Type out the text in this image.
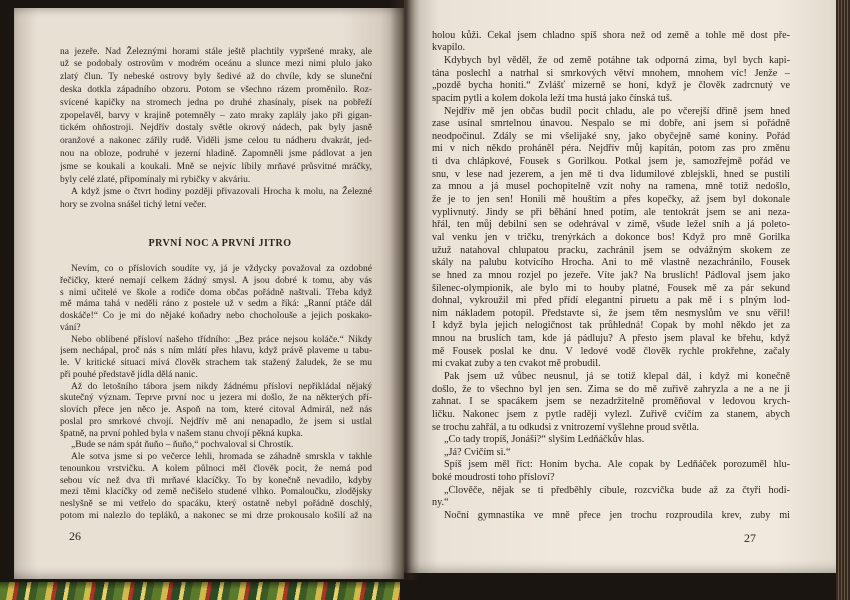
na jezeře. Nad Železnými horami stále ještě plachtily vypršené mraky, ale
už se podobaly ostrovům v modrém oceánu a slunce mezi nimi plulo jako
zlatý člun. Ty nebeské ostrovy byly šedivé až do chvíle, kdy se sluneční
deska dotkla západního obzoru. Potom se všechno rázem proměnilo. Roz-
svícené kapičky na stromech jedna po druhé zhasínaly, písek na pobřeží
zpopelavěl, barvy v krajině potemněly – zato mraky zaplály jako při gigan-
tickém ohňostroji. Nejdřív dostaly světle okrový nádech, pak byly jasně
oranžové a nakonec zářily rudě. Viděli jsme celou tu nádheru dvakrát, jed-
nou na obloze, podruhé v jezerní hladině. Zapomněli jsme pádlovat a jen
jsme se koukali a koukali. Mně se nejvíc líbily mrňavé průsvitné mráčky,
byly celé zlaté, připomínaly mi rybičky v akváriu.
A když jsme o čtvrt hodiny později přivazovali Hrocha k molu, na Železné
hory se zvolna snášel tichý letní večer.
PRVNÍ NOC A PRVNÍ JITRO
Nevím, co o příslovích soudíte vy, já je vždycky považoval za ozdobné
řečičky, které nemají celkem žádný smysl. A jsou dobré k tomu, aby vás
s nimi učitelé ve škole a rodiče doma občas pořádně naštvali. Třeba když
mě máma tahá v neděli ráno z postele už v sedm a říká: „Ranní ptáče dál
doskáče!“ Co je mi do nějaké koňadry nebo chocholouše a jejich poskako-
vání?
Nebo oblíbené přísloví našeho třídního: „Bez práce nejsou koláče.“ Nikdy
jsem nechápal, proč nás s ním mlátí přes hlavu, když právě plaveme u tabu-
le. V kritické situaci mívá člověk strachem tak stažený žaludek, že se mu
při pouhé představě jídla dělá nanic.
Až do letošního tábora jsem nikdy žádnému přísloví nepřikládal nějaký
skutečný význam. Teprve první noc u jezera mi došlo, že na některých pří-
slovích přece jen něco je. Aspoň na tom, které citoval Admirál, než nás
poslal pro smrkové chvojí. Nejdřív mě ani nenapadlo, že jsem si ustlal
špatně, na první pohled byla v našem stanu chvojí pěkná kupka.
„Bude se nám spát ňuňo – ňuňo,“ pochvaloval si Chrostík.
Ale sotva jsme si po večerce lehli, hromada se záhadně smrskla v takhle
tenounkou vrstvičku. A kolem půlnoci měl člověk pocit, že nemá pod
sebou víc než dva tři mrňavé klacíčky. To by konečně nevadilo, kdyby
mezi těmi klacíčky od země nečišelo studené vlhko. Pomaloučku, zlodějsky
neslyšně se mi vetřelo do spacáku, který ostatně nebyl pořádně doschlý,
potom mi nalezlo do tepláků, a nakonec se mi drze prokousalo košilí až na
26
holou kůži. Čekal jsem chladno spíš shora než od země a tohle mě dost pře-
kvapilo.
Kdybych byl věděl, že od země potáhne tak odporná zima, byl bych kapi-
tána poslechl a natrhal si smrkových větví mnohem, mnohem víc! Jenže –
„pozdě bycha honiti.“ Zvlášť mizerně se honí, když je člověk zadrcnutý ve
spacím pytli a kolem dokola leží tma hustá jako čínská tuš.
Nejdřív mě jen občas budil pocit chladu, ale po včerejší dřině jsem hned
zase usínal smrtelnou únavou. Nespalo se mi dobře, ani jsem si pořádně
neodpočinul. Zdály se mi všelijaké sny, jako obyčejně samé koniny. Pořád
mi v nich někdo proháněl péra. Nejdřív můj kapitán, potom zas pro změnu
ti dva chlápkové, Fousek s Gorilkou. Potkal jsem je, samozřejmě pořád ve
snu, v lese nad jezerem, a jen mě ti dva lidumilové zblejskli, hned se pustili
za mnou a já musel pochopitelně vzít nohy na ramena, mně totiž nedošlo,
že je to jen sen! Honili mě houštím a přes kopečky, až jsem byl dokonale
vyplivnutý. Jindy se při běhání hned potím, ale tentokrát jsem se ani neza-
hřál, ten můj debilní sen se odehrával v zimě, všude ležel sníh a já poleto-
val venku jen v tričku, trenýrkách a dokonce bos! Když pro mně Gorilka
užuž natahoval chlupatou pracku, zachránil jsem se odvážným skokem ze
skály na palubu kotvícího Hrocha. Ani to mě vlastně nezachránilo, Fousek
se hned za mnou rozjel po jezeře. Víte jak? Na bruslích! Pádloval jsem jako
šílenec-olympionik, ale bylo mi to houby platné, Fousek mě za pár sekund
dohnal, vykroužil mi před přídí elegantní piruetu a pak mě i s plným lod-
ním nákladem potopil. Představte si, že jsem těm nesmyslům ve snu věřil!
I když byla jejich nelogičnost tak průhledná! Copak by mohl někdo jet za
mnou na bruslích tam, kde já pádluju? A přesto jsem plaval ke břehu, když
mě Fousek poslal ke dnu. V ledové vodě člověk rychle prokřehne, začaly
mi cvakat zuby a ten cvakot mě probudil.
Pak jsem už vůbec neusnul, já se totiž klepal dál, i když mi konečně
došlo, že to všechno byl jen sen. Zima se do mě zuřivě zahryzla a ne a ne ji
zahnat. I se spacákem jsem se nezadržitelně proměňoval v ledovou krych-
ličku. Nakonec jsem z pytle raději vylezl. Zuřivě cvičím za stanem, abych
se trochu zahřál, a tu odkudsi z vnitrozemí vyšlehne proud světla.
„Co tady tropíš, Jonáši?“ slyším Ledňáčkův hlas.
„Já? Cvičím si.“
Spíš jsem měl říct: Honím bycha. Ale copak by Ledňáček porozuměl hlu-
boké moudrosti toho přísloví?
„Člověče, nějak se ti předběhly cibule, rozcvička bude až za čtyři hodi-
ny.“
Noční gymnastika ve mně přece jen trochu rozproudila krev, zuby mi
27
